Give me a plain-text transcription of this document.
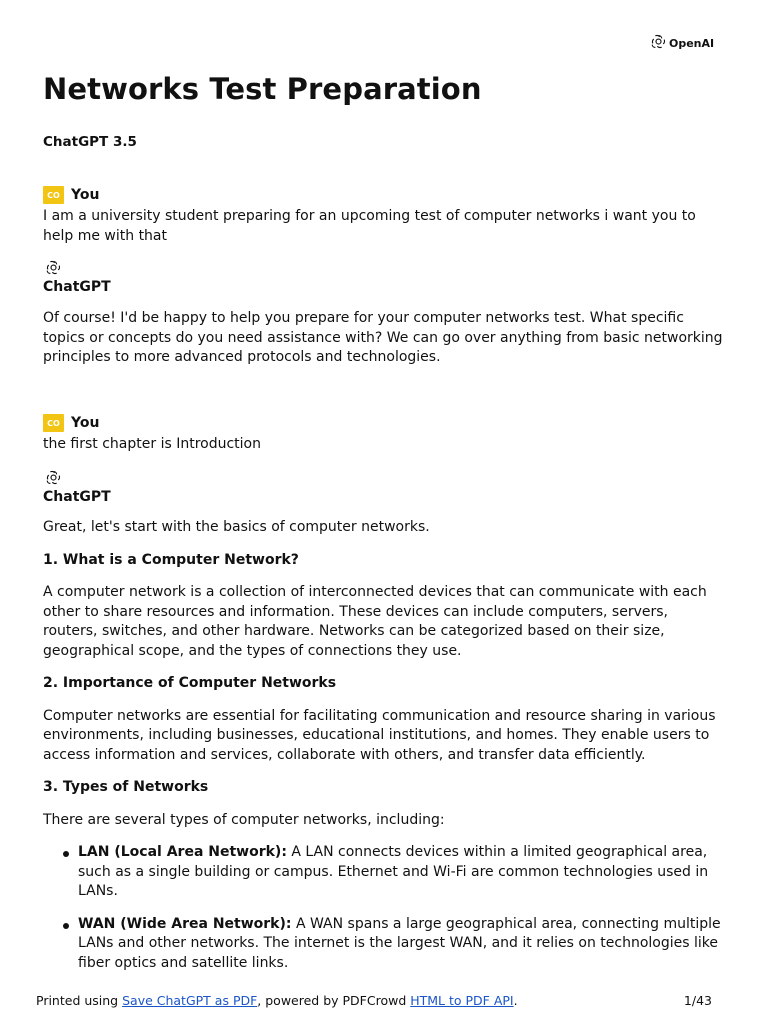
OpenAI
Networks Test Preparation
ChatGPT 3.5
CO You
I am a university student preparing for an upcoming test of computer networks i want you to help me with that
ChatGPT
Of course! I'd be happy to help you prepare for your computer networks test. What specific topics or concepts do you need assistance with? We can go over anything from basic networking principles to more advanced protocols and technologies.
CO You
the first chapter is Introduction
ChatGPT
Great, let's start with the basics of computer networks.
1. What is a Computer Network?
A computer network is a collection of interconnected devices that can communicate with each other to share resources and information. These devices can include computers, servers, routers, switches, and other hardware. Networks can be categorized based on their size, geographical scope, and the types of connections they use.
2. Importance of Computer Networks
Computer networks are essential for facilitating communication and resource sharing in various environments, including businesses, educational institutions, and homes. They enable users to access information and services, collaborate with others, and transfer data efficiently.
3. Types of Networks
There are several types of computer networks, including:
LAN (Local Area Network): A LAN connects devices within a limited geographical area, such as a single building or campus. Ethernet and Wi-Fi are common technologies used in LANs.
WAN (Wide Area Network): A WAN spans a large geographical area, connecting multiple LANs and other networks. The internet is the largest WAN, and it relies on technologies like fiber optics and satellite links.
Printed using Save ChatGPT as PDF, powered by PDFCrowd HTML to PDF API.	1/43
